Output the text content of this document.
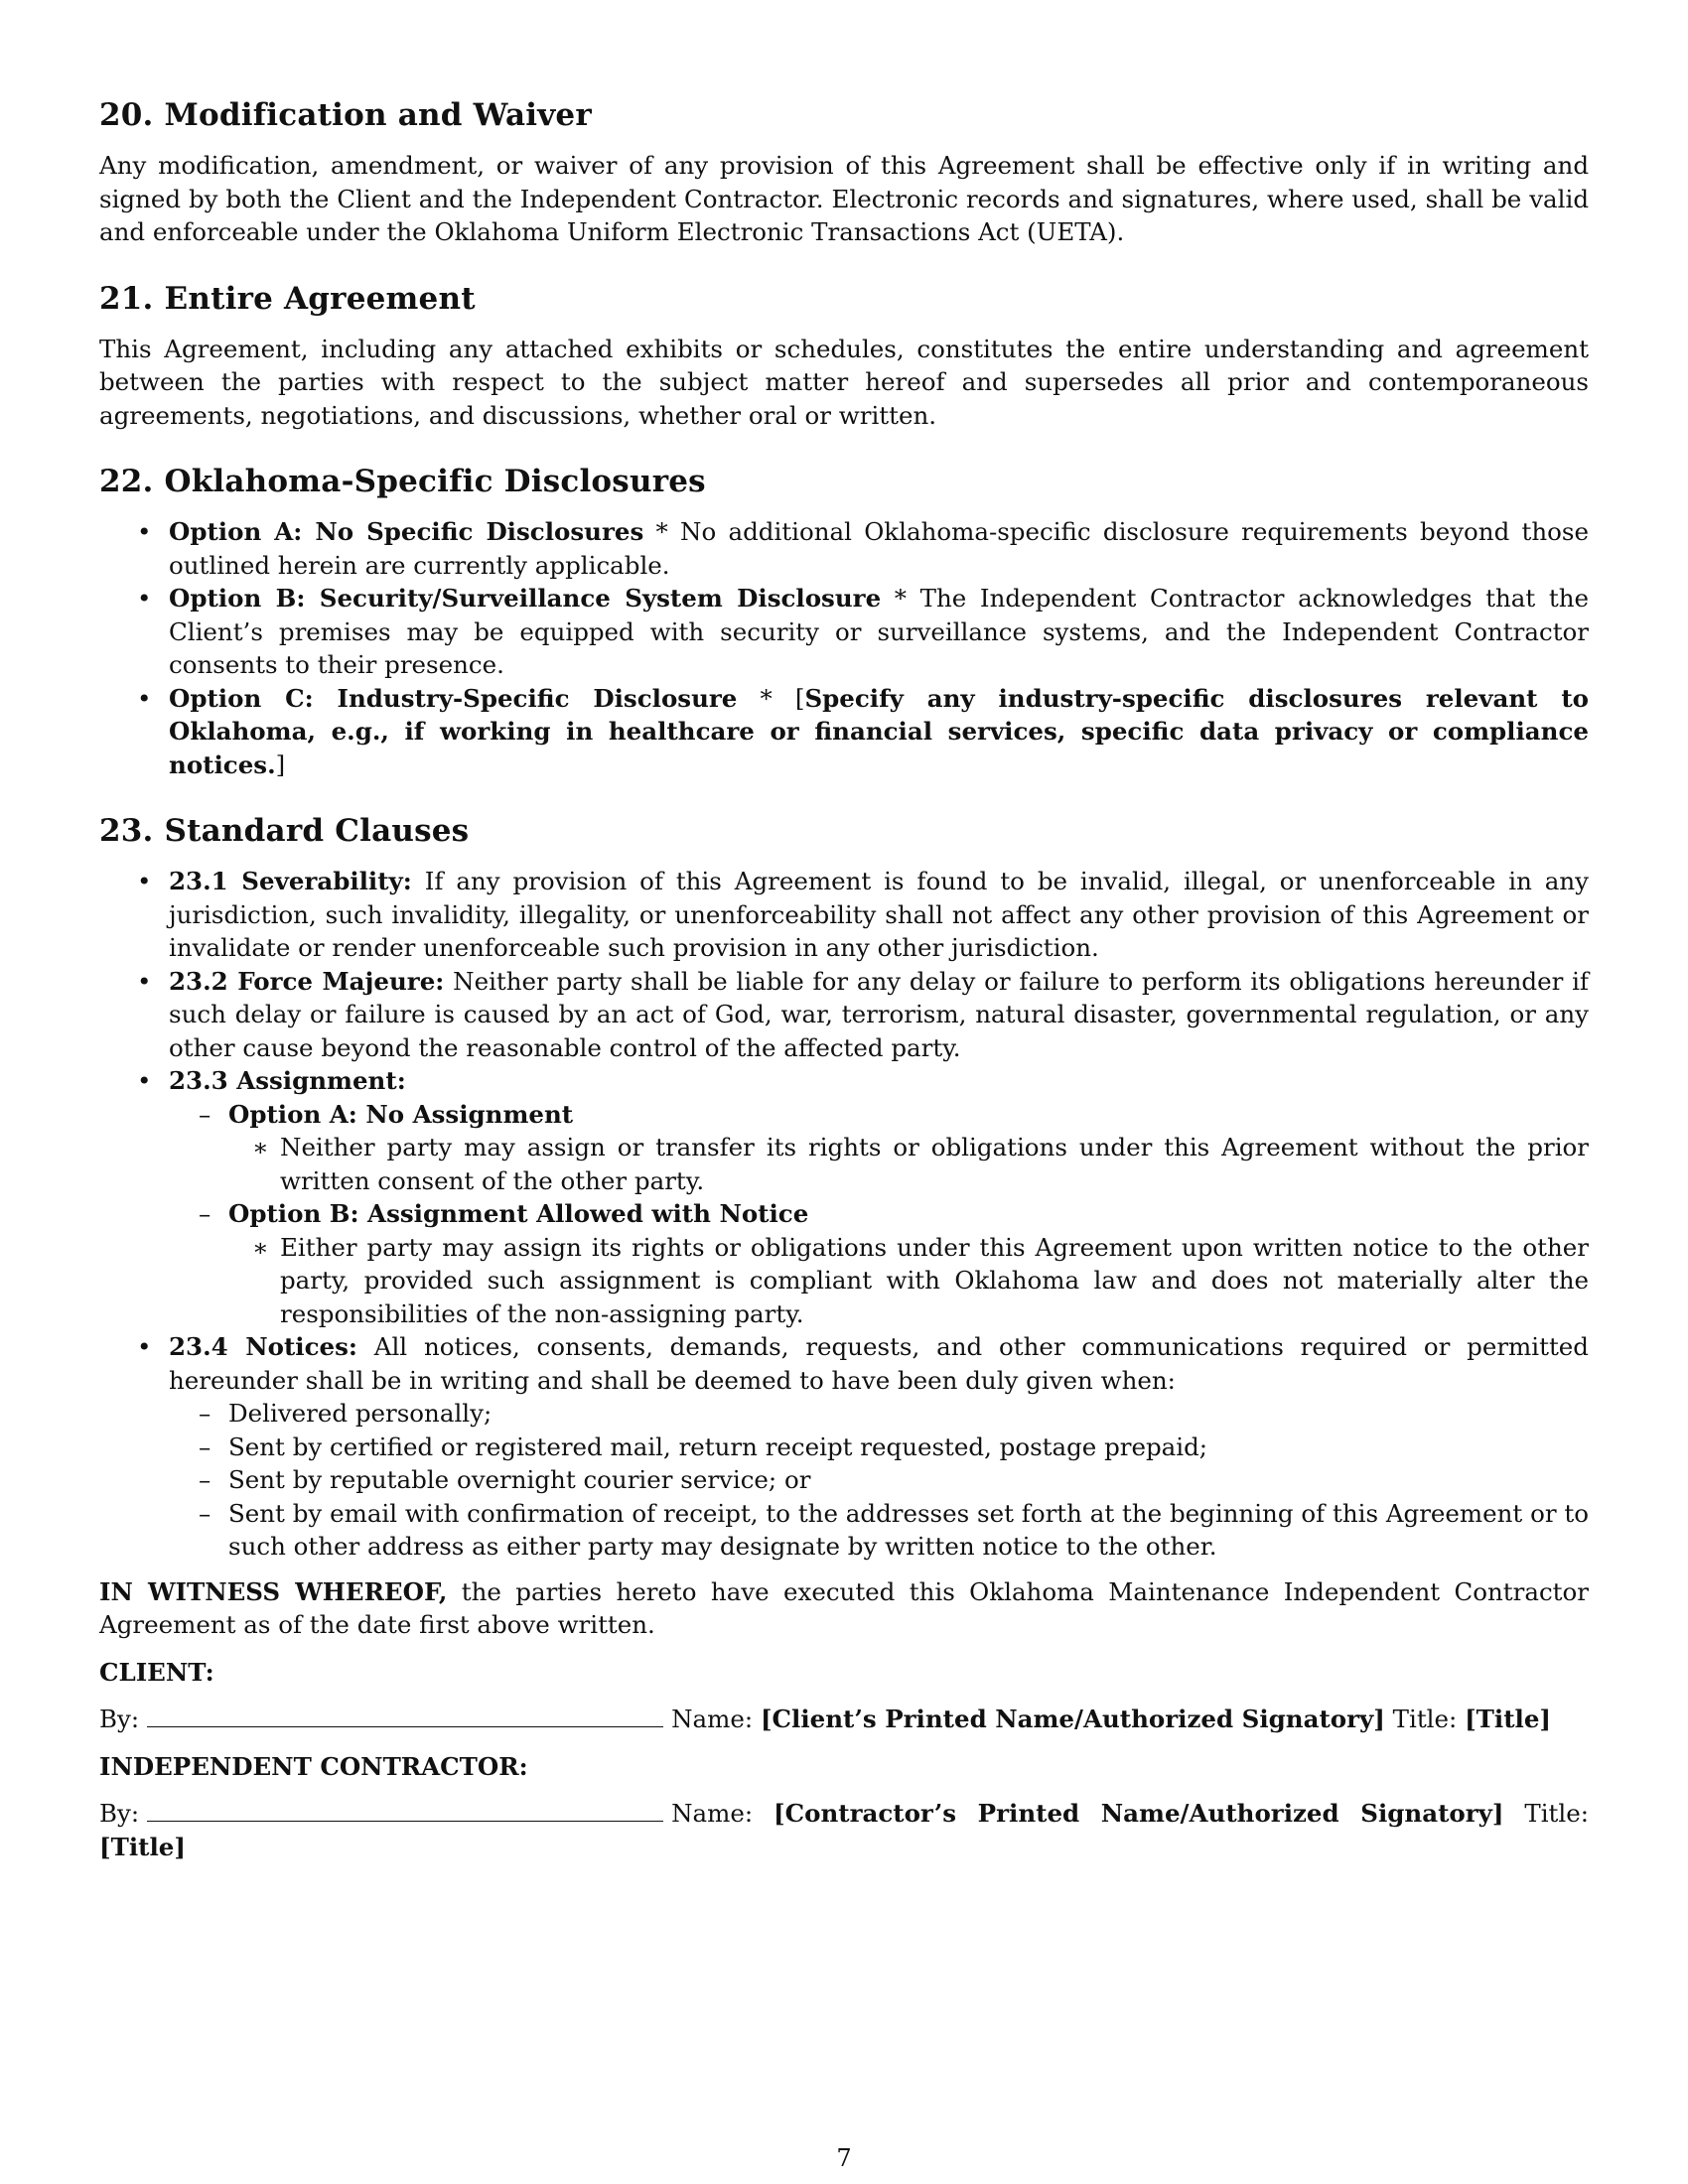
20. Modification and Waiver

Any modification, amendment, or waiver of any provision of this Agreement shall be effective only if in writing and signed by both the Client and the Independent Contractor. Electronic records and signatures, where used, shall be valid and enforceable under the Oklahoma Uniform Electronic Transactions Act (UETA).

21. Entire Agreement

This Agreement, including any attached exhibits or schedules, constitutes the entire understanding and agreement between the parties with respect to the subject matter hereof and supersedes all prior and contemporaneous agreements, negotiations, and discussions, whether oral or written.

22. Oklahoma-Specific Disclosures
• Option A: No Specific Disclosures * No additional Oklahoma-specific disclosure requirements beyond those outlined herein are currently applicable.
• Option B: Security/Surveillance System Disclosure * The Independent Contractor acknowledges that the Client’s premises may be equipped with security or surveillance systems, and the Independent Contractor consents to their presence.
• Option C: Industry-Specific Disclosure * [Specify any industry-specific disclosures relevant to Oklahoma, e.g., if working in healthcare or financial services, specific data privacy or compliance notices.]
23. Standard Clauses
• 23.1 Severability: If any provision of this Agreement is found to be invalid, illegal, or unenforceable in any jurisdiction, such invalidity, illegality, or unenforceability shall not affect any other provision of this Agreement or invalidate or render unenforceable such provision in any other jurisdiction.
• 23.2 Force Majeure: Neither party shall be liable for any delay or failure to perform its obligations hereunder if such delay or failure is caused by an act of God, war, terrorism, natural disaster, governmental regulation, or any other cause beyond the reasonable control of the affected party.
• 23.3 Assignment:
– Option A: No Assignment
∗ Neither party may assign or transfer its rights or obligations under this Agreement without the prior written consent of the other party.
– Option B: Assignment Allowed with Notice
∗ Either party may assign its rights or obligations under this Agreement upon written notice to the other party, provided such assignment is compliant with Oklahoma law and does not materially alter the responsibilities of the non-assigning party.
• 23.4 Notices: All notices, consents, demands, requests, and other communications required or permitted hereunder shall be in writing and shall be deemed to have been duly given when:
– Delivered personally;
– Sent by certified or registered mail, return receipt requested, postage prepaid;
– Sent by reputable overnight courier service; or
– Sent by email with confirmation of receipt, to the addresses set forth at the beginning of this Agreement or to such other address as either party may designate by written notice to the other.

IN WITNESS WHEREOF, the parties hereto have executed this Oklahoma Maintenance Independent Contractor Agreement as of the date first above written.

CLIENT:

By:	Name: [Client’s Printed Name/Authorized Signatory] Title: [Title]

INDEPENDENT CONTRACTOR:

By:	Name: [Contractor’s Printed Name/Authorized Signatory] Title: [Title]

7
